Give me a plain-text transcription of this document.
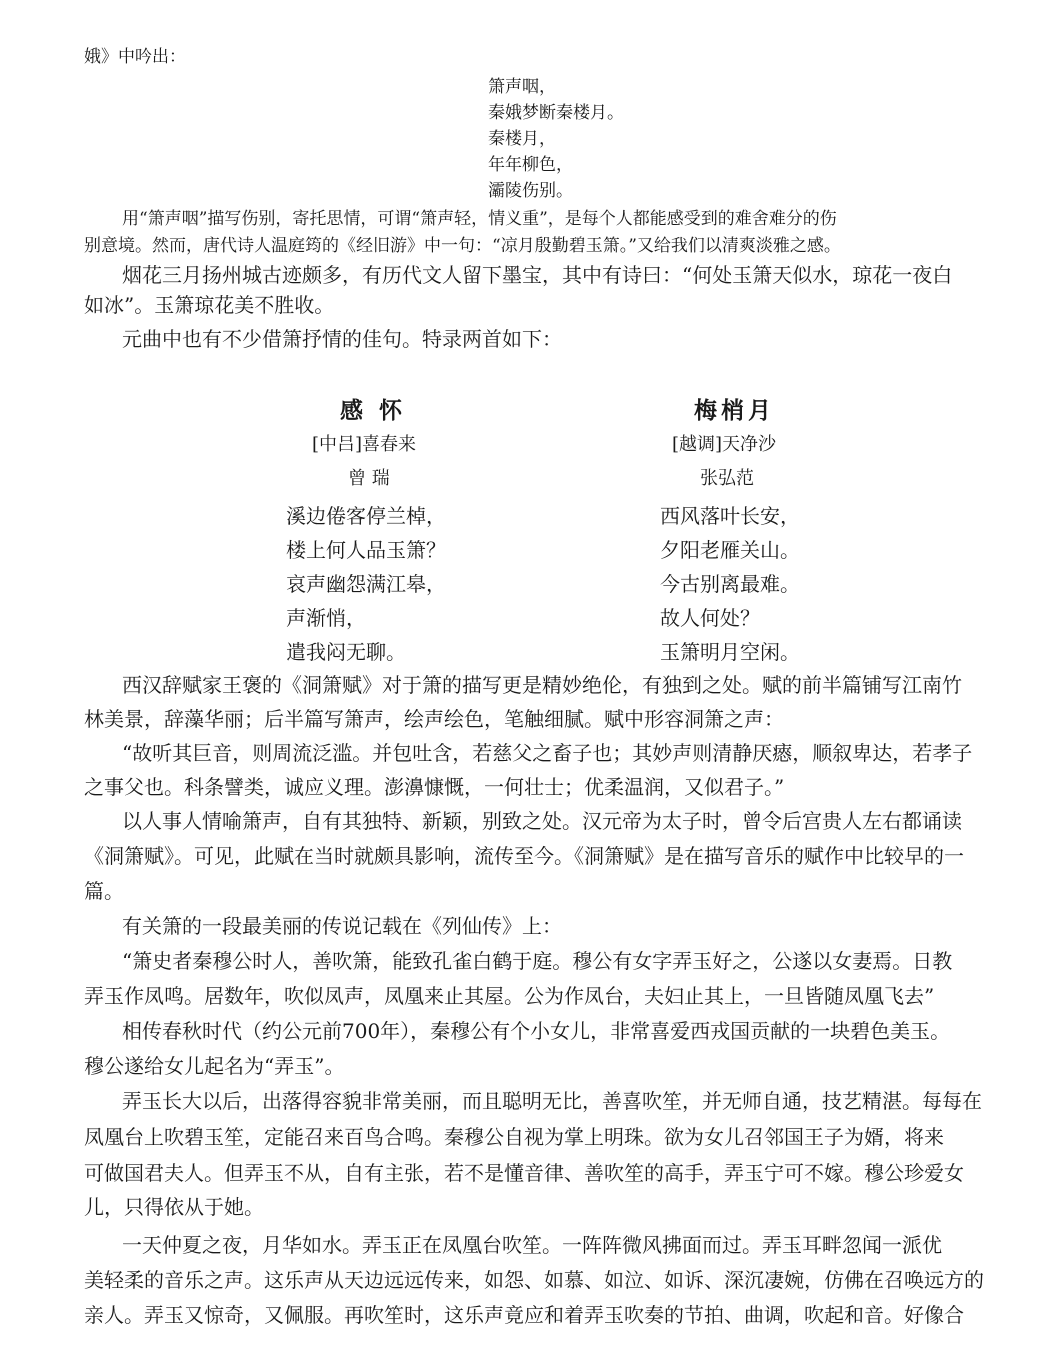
娥》中吟出：
箫声咽，
秦娥梦断秦楼月。
秦楼月，
年年柳色，
灞陵伤别。
用“箫声咽”描写伤别，寄托思情，可谓“箫声轻，情义重”，是每个人都能感受到的难舍难分的伤
别意境。然而，唐代诗人温庭筠的《经旧游》中一句：“凉月殷勤碧玉箫。”又给我们以清爽淡雅之感。
烟花三月扬州城古迹颇多，有历代文人留下墨宝，其中有诗曰：“何处玉箫天似水，琼花一夜白
如冰”。玉箫琼花美不胜收。
元曲中也有不少借箫抒情的佳句。特录两首如下：
感 怀
[中吕]喜春来
曾 瑞
溪边倦客停兰棹，
楼上何人品玉箫？
哀声幽怨满江皋，
声渐悄，
遣我闷无聊。
梅梢月
[越调]天净沙
张弘范
西风落叶长安，
夕阳老雁关山。
今古别离最难。
故人何处？
玉箫明月空闲。
西汉辞赋家王褒的《洞箫赋》对于箫的描写更是精妙绝伦，有独到之处。赋的前半篇铺写江南竹
林美景，辞藻华丽；后半篇写箫声，绘声绘色，笔触细腻。赋中形容洞箫之声：
“故听其巨音，则周流泛滥。并包吐含，若慈父之畜子也；其妙声则清静厌瘱，顺叙卑达，若孝子
之事父也。科条譬类，诚应义理。澎濞慷慨，一何壮士；优柔温润，又似君子。”
以人事人情喻箫声，自有其独特、新颖，别致之处。汉元帝为太子时，曾令后宫贵人左右都诵读
《洞箫赋》。可见，此赋在当时就颇具影响，流传至今。《洞箫赋》是在描写音乐的赋作中比较早的一
篇。
有关箫的一段最美丽的传说记载在《列仙传》上：
“箫史者秦穆公时人，善吹箫，能致孔雀白鹤于庭。穆公有女字弄玉好之，公遂以女妻焉。日教
弄玉作凤鸣。居数年，吹似凤声，凤凰来止其屋。公为作凤台，夫妇止其上，一旦皆随凤凰飞去”
相传春秋时代（约公元前700年），秦穆公有个小女儿，非常喜爱西戎国贡献的一块碧色美玉。
穆公遂给女儿起名为“弄玉”。
弄玉长大以后，出落得容貌非常美丽，而且聪明无比，善喜吹笙，并无师自通，技艺精湛。每每在
凤凰台上吹碧玉笙，定能召来百鸟合鸣。秦穆公自视为掌上明珠。欲为女儿召邻国王子为婿，将来
可做国君夫人。但弄玉不从，自有主张，若不是懂音律、善吹笙的高手，弄玉宁可不嫁。穆公珍爱女
儿，只得依从于她。
一天仲夏之夜，月华如水。弄玉正在凤凰台吹笙。一阵阵微风拂面而过。弄玉耳畔忽闻一派优
美轻柔的音乐之声。这乐声从天边远远传来，如怨、如慕、如泣、如诉、深沉凄婉，仿佛在召唤远方的
亲人。弄玉又惊奇，又佩服。再吹笙时，这乐声竟应和着弄玉吹奏的节拍、曲调，吹起和音。好像合
